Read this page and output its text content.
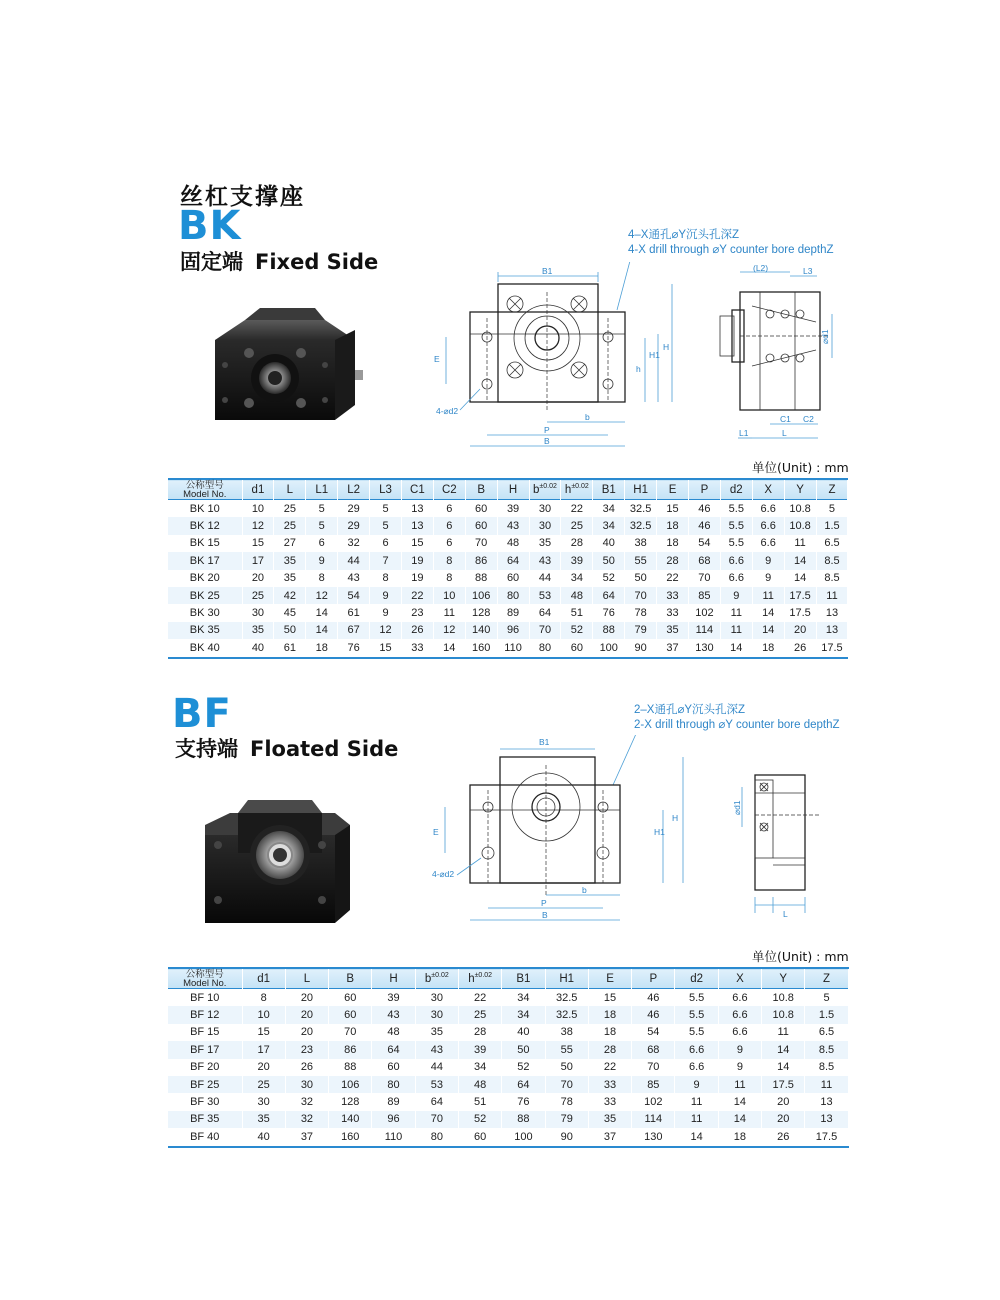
丝杠支撑座
BK
固定端 Fixed Side
4–X通孔⌀Y沉头孔深Z
4-X drill through ⌀Y counter bore depthZ
B1
E
h
H1
H
4-⌀d2
b
P
B
(L2)	L3
⌀d1
C1 C2
L1	L
单位(Unit) : mm
公称型号
Model No.	d1	L	L1	L2	L3	C1	C2	B	H	$b^{\pm 0.02}$	$h^{\pm 0.02}$	B1	H1	E	P	d2	X	Y	Z
BK 10	10	25	5	29	5	13	6	60	39	30	22	34	32.5	15	46	5.5	6.6	10.8	5
BK 12	12	25	5	29	5	13	6	60	43	30	25	34	32.5	18	46	5.5	6.6	10.8	1.5
BK 15	15	27	6	32	6	15	6	70	48	35	28	40	38	18	54	5.5	6.6	11	6.5
BK 17	17	35	9	44	7	19	8	86	64	43	39	50	55	28	68	6.6	9	14	8.5
BK 20	20	35	8	43	8	19	8	88	60	44	34	52	50	22	70	6.6	9	14	8.5
BK 25	25	42	12	54	9	22	10	106	80	53	48	64	70	33	85	9	11	17.5	11
BK 30	30	45	14	61	9	23	11	128	89	64	51	76	78	33	102	11	14	17.5	13
BK 35	35	50	14	67	12	26	12	140	96	70	52	88	79	35	114	11	14	20	13
BK 40	40	61	18	76	15	33	14	160	110	80	60	100	90	37	130	14	18	26	17.5
BF
支持端 Floated Side
2–X通孔⌀Y沉头孔深Z
2-X drill through ⌀Y counter bore depthZ
B1
E	H1
H
4-⌀d2
b
P
B
⌀d1
L
单位(Unit) : mm
公称型号
Model No.	d1	L	B	H	$b^{\pm 0.02}$	$h^{\pm 0.02}$	B1	H1	E	P	d2	X	Y	Z
BF 10	8	20	60	39	30	22	34	32.5	15	46	5.5	6.6	10.8	5
BF 12	10	20	60	43	30	25	34	32.5	18	46	5.5	6.6	10.8	1.5
BF 15	15	20	70	48	35	28	40	38	18	54	5.5	6.6	11	6.5
BF 17	17	23	86	64	43	39	50	55	28	68	6.6	9	14	8.5
BF 20	20	26	88	60	44	34	52	50	22	70	6.6	9	14	8.5
BF 25	25	30	106	80	53	48	64	70	33	85	9	11	17.5	11
BF 30	30	32	128	89	64	51	76	78	33	102	11	14	20	13
BF 35	35	32	140	96	70	52	88	79	35	114	11	14	20	13
BF 40	40	37	160	110	80	60	100	90	37	130	14	18	26	17.5
